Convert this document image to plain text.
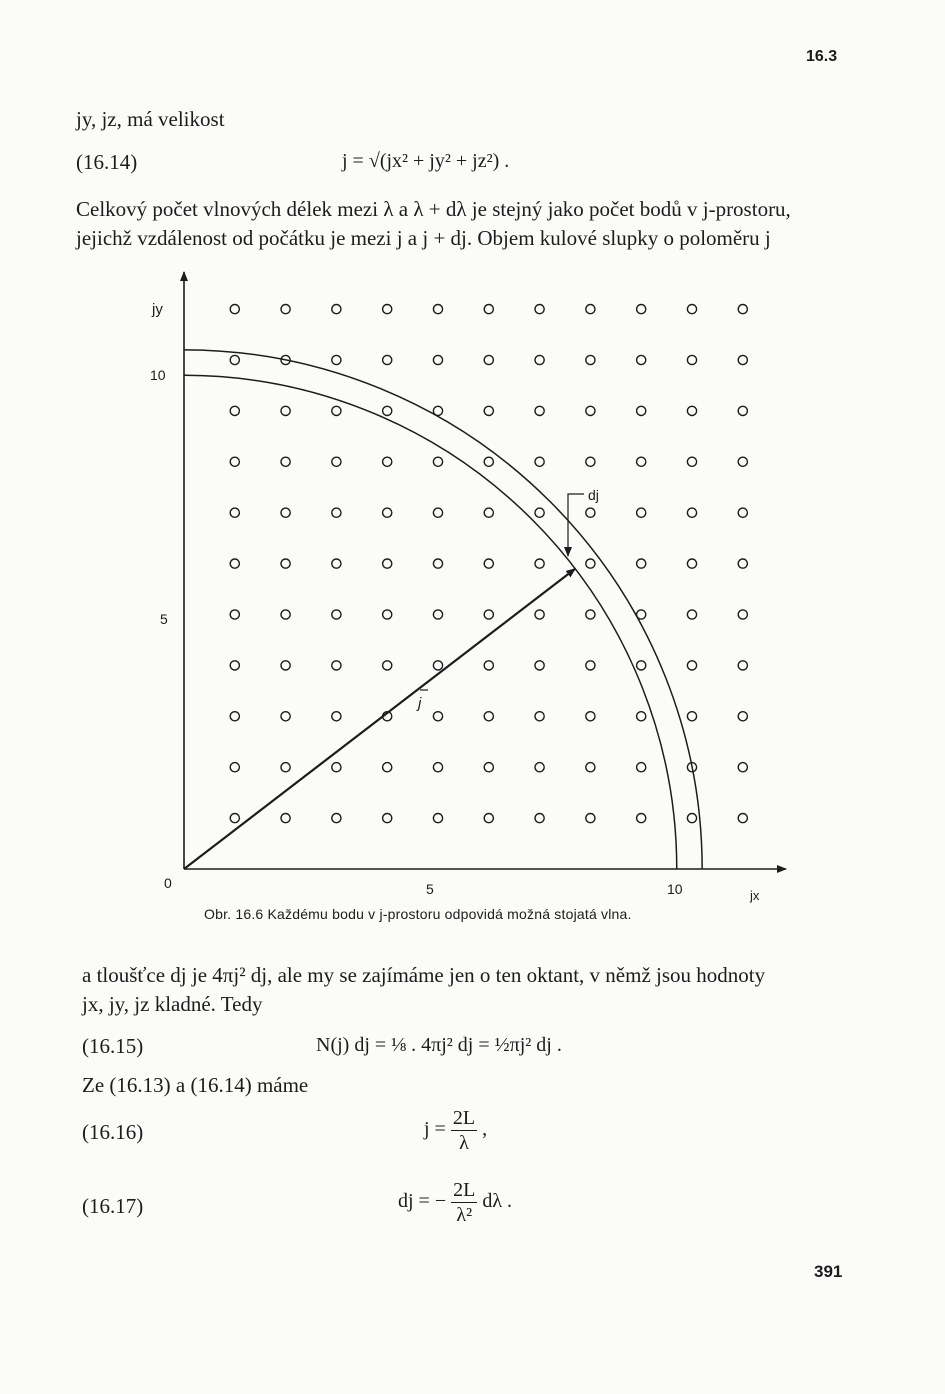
16.3
391
jy, jz, má velikost
(16.14)	j = √(jx² + jy² + jz²) .
Celkový počet vlnových délek mezi λ a λ + dλ je stejný jako počet bodů v j-prostoru,
jejichž vzdálenost od počátku je mezi j a j + dj. Objem kulové slupky o poloměru j
jy
jx
10
5
0	5	10
j
dj
Obr. 16.6 Každému bodu v j-prostoru odpovidá možná stojatá vlna.
a tloušťce dj je 4πj² dj, ale my se zajímáme jen o ten oktant, v němž jsou hodnoty
jx, jy, jz kladné. Tedy
(16.15)	N(j) dj = ⅛ . 4πj² dj = ½πj² dj .
Ze (16.13) a (16.14) máme
(16.16)	$j = \frac{2L}{\lambda}$ ,
(16.17)	dj = − $\frac{2L}{\text{λ²}}$ dλ .
